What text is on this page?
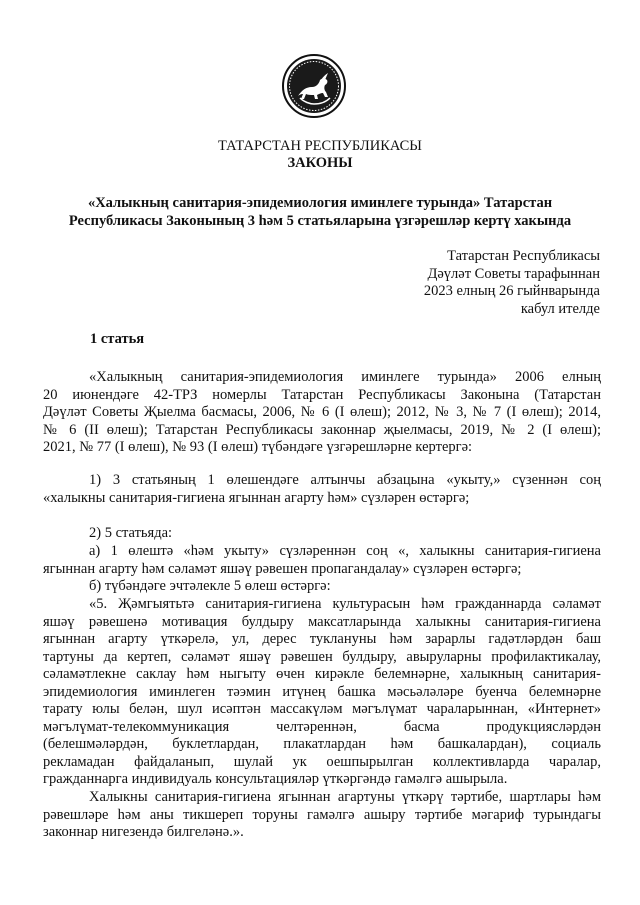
ТАТАРСТАН РЕСПУБЛИКАСЫ
ЗАКОНЫ
«Халыкның санитария-эпидемиология иминлеге турында» Татарстан
Республикасы Законының 3 һәм 5 статьяларына үзгәрешләр кертү хакында
Татарстан Республикасы
Дәүләт Советы тарафыннан
2023 елның 26 гыйнварында
кабул ителде
1 статья
«Халыкның санитария-эпидемиология иминлеге турында» 2006 елның
20 июнендәге 42-ТРЗ номерлы Татарстан Республикасы Законына (Татарстан
Дәүләт Советы Җыелма басмасы, 2006, № 6 (I өлеш); 2012, № 3, № 7 (I өлеш); 2014,
№ 6 (II өлеш); Татарстан Республикасы законнар җыелмасы, 2019, № 2 (I өлеш);
2021, № 77 (I өлеш), № 93 (I өлеш) түбәндәге үзгәрешләрне кертергә:
1) 3 статьяның 1 өлешендәге алтынчы абзацына «укыту,» сүзеннән соң
«халыкны санитария-гигиена ягыннан агарту һәм» сүзләрен өстәргә;
2) 5 статьяда:
а) 1 өлештә «һәм укыту» сүзләреннән соң «, халыкны санитария-гигиена
ягыннан агарту һәм сәламәт яшәү рәвешен пропагандалау» сүзләрен өстәргә;
б) түбәндәге эчтәлекле 5 өлеш өстәргә:
«5. Җәмгыятьтә санитария-гигиена культурасын һәм гражданнарда сәламәт
яшәү рәвешенә мотивация булдыру максатларында халыкны санитария-гигиена
ягыннан агарту үткәрелә, ул, дерес туклануны һәм зарарлы гадәтләрдән баш
тартуны да кертеп, сәламәт яшәү рәвешен булдыру, авыруларны профилактикалау,
сәламәтлекне саклау һәм ныгыту өчен кирәкле белемнәрне, халыкның санитария-
эпидемиология иминлеген тәэмин итүнең башка мәсьәләләре буенча белемнәрне
тарату юлы белән, шул исәптән массакүләм мәгълүмат чараларыннан, «Интернет»
мәгълүмат-телекоммуникация челтәреннән, басма продукциясләрдән
(белешмәләрдән, буклетлардан, плакатлардан һәм башкалардан), социаль
рекламадан файдаланып, шулай ук оешпырылган коллективларда чаралар,
гражданнарга индивидуаль консультацияләр үткәргәндә гамәлгә ашырыла.
Халыкны санитария-гигиена ягыннан агартуны үткәрү тәртибе, шартлары һәм
рәвешләре һәм аны тикшереп торуны гамәлгә ашыру тәртибе мәгариф турындагы
законнар нигезендә билгеләнә.».
